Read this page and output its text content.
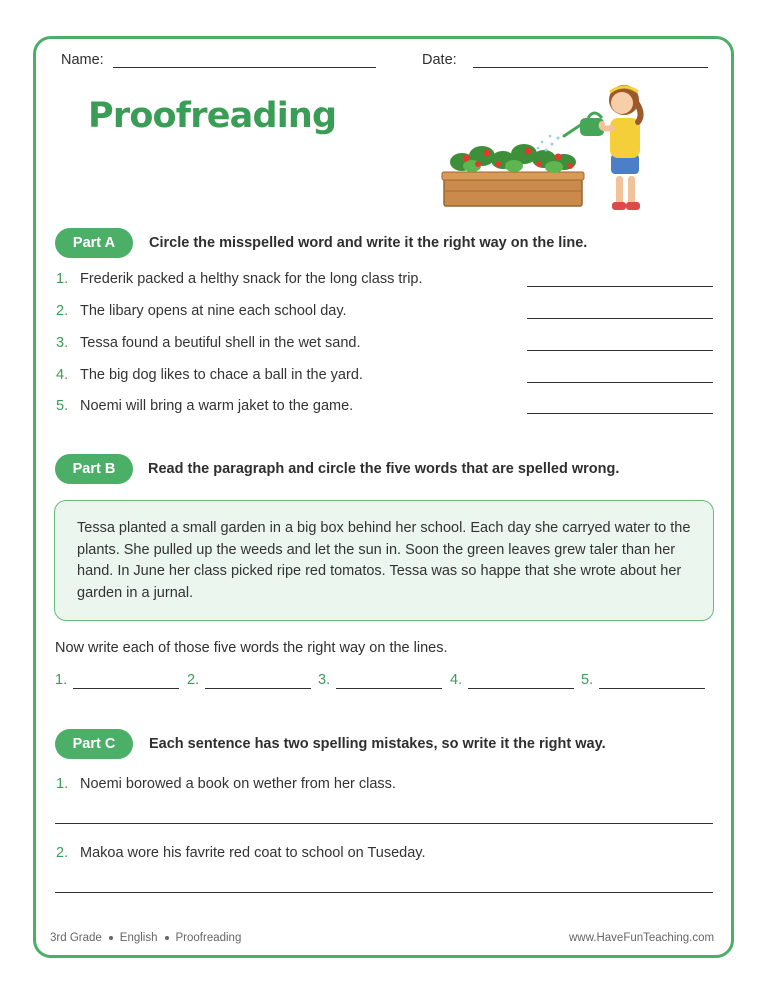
Name:	Date:
Proofreading
Part A	Circle the misspelled word and write it the right way on the line.
1. Frederik packed a helthy snack for the long class trip.
2. The libary opens at nine each school day.
3. Tessa found a beutiful shell in the wet sand.
4. The big dog likes to chace a ball in the yard.
5. Noemi will bring a warm jaket to the game.
Part B	Read the paragraph and circle the five words that are spelled wrong.
Tessa planted a small garden in a big box behind her school. Each day she carryed water to the plants. She pulled up the weeds and let the sun in. Soon the green leaves grew taler than her hand. In June her class picked ripe red tomatos. Tessa was so happe that she wrote about her garden in a jurnal.
Now write each of those five words the right way on the lines.
1.	2.	3.	4.	5.
Part C	Each sentence has two spelling mistakes, so write it the right way.
1. Noemi borowed a book on wether from her class.
2. Makoa wore his favrite red coat to school on Tuseday.
3rd Grade English Proofreading	www.HaveFunTeaching.com
